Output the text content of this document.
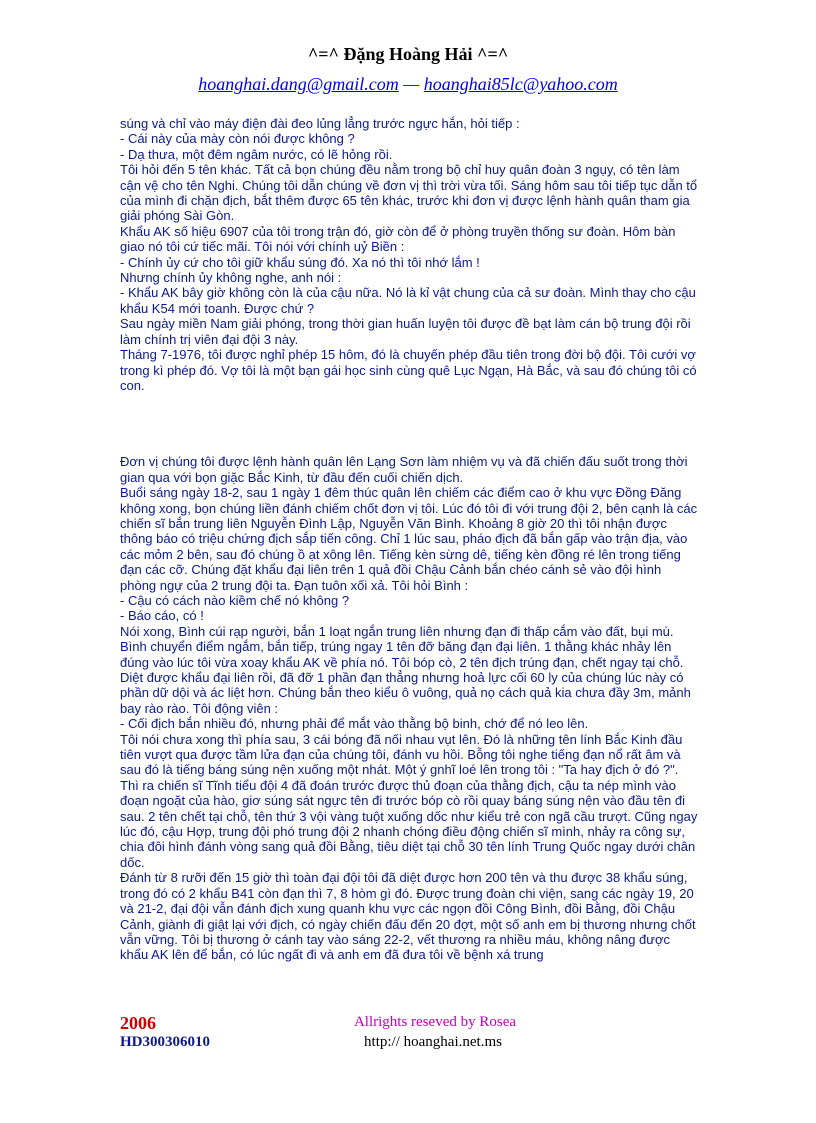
^=^ Đặng Hoàng Hải ^=^
hoanghai.dang@gmail.com — hoanghai85lc@yahoo.com

súng và chỉ vào máy điện đài đeo lủng lẳng trước ngực hắn, hỏi tiếp :

- Cái này của mày còn nói được không ?

- Dạ thưa, một đêm ngâm nước, có lẽ hỏng rồi.

Tôi hỏi đến 5 tên khác. Tất cả bọn chúng đều nằm trong bộ chỉ huy quân đoàn 3 ngụy, có tên làm cận vệ cho tên Nghi. Chúng tôi dẫn chúng về đơn vị thì trời vừa tối. Sáng hôm sau tôi tiếp tục dẫn tổ của mình đi chặn địch, bắt thêm được 65 tên khác, trước khi đơn vị được lệnh hành quân tham gia giải phóng Sài Gòn.

Khẩu AK số hiệu 6907 của tôi trong trận đó, giờ còn để ở phòng truyền thống sư đoàn. Hôm bàn giao nó tôi cứ tiếc mãi. Tôi nói với chính uỷ Biền :

- Chính ủy cứ cho tôi giữ khẩu súng đó. Xa nó thì tôi nhớ lắm !

Nhưng chính ủy không nghe, anh nói :

- Khẩu AK bây giờ không còn là của cậu nữa. Nó là kỉ vật chung của cả sư đoàn. Mình thay cho cậu khẩu K54 mới toanh. Được chứ ?

Sau ngày miền Nam giải phóng, trong thời gian huấn luyện tôi được đề bạt làm cán bộ trung đội rồi làm chính trị viên đại đội 3 này.

Tháng 7-1976, tôi được nghỉ phép 15 hôm, đó là chuyến phép đầu tiên trong đời bộ đội. Tôi cưới vợ trong kì phép đó. Vợ tôi là một bạn gái học sinh cùng quê Lục Ngạn, Hà Bắc, và sau đó chúng tôi có con.

Đơn vị chúng tôi được lệnh hành quân lên Lạng Sơn làm nhiệm vụ và đã chiến đấu suốt trong thời gian qua với bọn giặc Bắc Kinh, từ đầu đến cuối chiến dịch.

Buổi sáng ngày 18-2, sau 1 ngày 1 đêm thúc quân lên chiếm các điểm cao ở khu vực Đồng Đăng không xong, bọn chúng liền đánh chiếm chốt đơn vị tôi. Lúc đó tôi đi với trung đội 2, bên cạnh là các chiến sĩ bắn trung liên Nguyễn Đình Lập, Nguyễn Văn Bình. Khoảng 8 giờ 20 thì tôi nhận được thông báo có triệu chứng địch sắp tiến công. Chỉ 1 lúc sau, pháo địch đã bắn gấp vào trận địa, vào các mỏm 2 bên, sau đó chúng ồ ạt xông lên. Tiếng kèn sừng dê, tiếng kèn đồng ré lên trong tiếng đạn các cỡ. Chúng đặt khẩu đại liên trên 1 quả đồi Chậu Cảnh bắn chéo cánh sẻ vào đội hình phòng ngự của 2 trung đội ta. Đạn tuôn xối xả. Tôi hỏi Bình :

- Cậu có cách nào kiềm chế nó không ?

- Báo cáo, có !

Nói xong, Bình cúi rạp người, bắn 1 loạt ngắn trung liên nhưng đạn đi thấp cắm vào đất, bụi mù. Bình chuyển điểm ngắm, bắn tiếp, trúng ngay 1 tên đỡ băng đạn đại liên. 1 thằng khác nhảy lên đúng vào lúc tôi vừa xoay khẩu AK về phía nó. Tôi bóp cò, 2 tên địch trúng đạn, chết ngay tại chỗ. Diệt được khẩu đại liên rồi, đã đỡ 1 phần đạn thẳng nhưng hoả lực cối 60 ly của chúng lúc này có phần dữ dội và ác liệt hơn. Chúng bắn theo kiểu ô vuông, quả nọ cách quả kia chưa đầy 3m, mảnh bay rào rào. Tôi động viên :

- Cối địch bắn nhiều đó, nhưng phải để mắt vào thằng bộ binh, chớ để nó leo lên.

Tôi nói chưa xong thì phía sau, 3 cái bóng đã nối nhau vụt lên. Đó là những tên lính Bắc Kinh đầu tiên vượt qua được tầm lửa đạn của chúng tôi, đánh vu hồi. Bỗng tôi nghe tiếng đạn nổ rất âm và sau đó là tiếng báng súng nện xuống một nhát. Một ý gnhĩ loé lên trong tôi : "Ta hay địch ở đó ?".

Thì ra chiến sĩ Tĩnh tiểu đội 4 đã đoán trước được thủ đoạn của thằng địch, cậu ta nép mình vào đoạn ngoặt của hào, giơ súng sát ngực tên đi trước bóp cò rồi quay báng súng nện vào đầu tên đi sau. 2 tên chết tại chỗ, tên thứ 3 vội vàng tuột xuống dốc như kiểu trẻ con ngã cầu trượt. Cũng ngay lúc đó, cậu Hợp, trung đội phó trung đội 2 nhanh chóng điều động chiến sĩ mình, nhảy ra công sự, chia đôi hình đánh vòng sang quả đồi Bằng, tiêu diệt tại chỗ 30 tên lính Trung Quốc ngay dưới chân dốc.

Đánh từ 8 rưỡi đến 15 giờ thì toàn đại đội tôi đã diệt được hơn 200 tên và thu được 38 khẩu súng, trong đó có 2 khẩu B41 còn đạn thì 7, 8 hòm gì đó. Được trung đoàn chi viện, sang các ngày 19, 20 và 21-2, đại đội vẫn đánh địch xung quanh khu vực các ngọn đồi Công Bình, đồi Bằng, đồi Chậu Cảnh, giành đi giật lại với địch, có ngày chiến đấu đến 20 đợt, một số anh em bị thương nhưng chốt vẫn vững. Tôi bị thương ở cánh tay vào sáng 22-2, vết thương ra nhiều máu, không nâng được khẩu AK lên để bắn, có lúc ngất đi và anh em đã đưa tôi về bệnh xá trung

2006
HD300306010
Allrights reseved by Rosea
http:// hoanghai.net.ms
